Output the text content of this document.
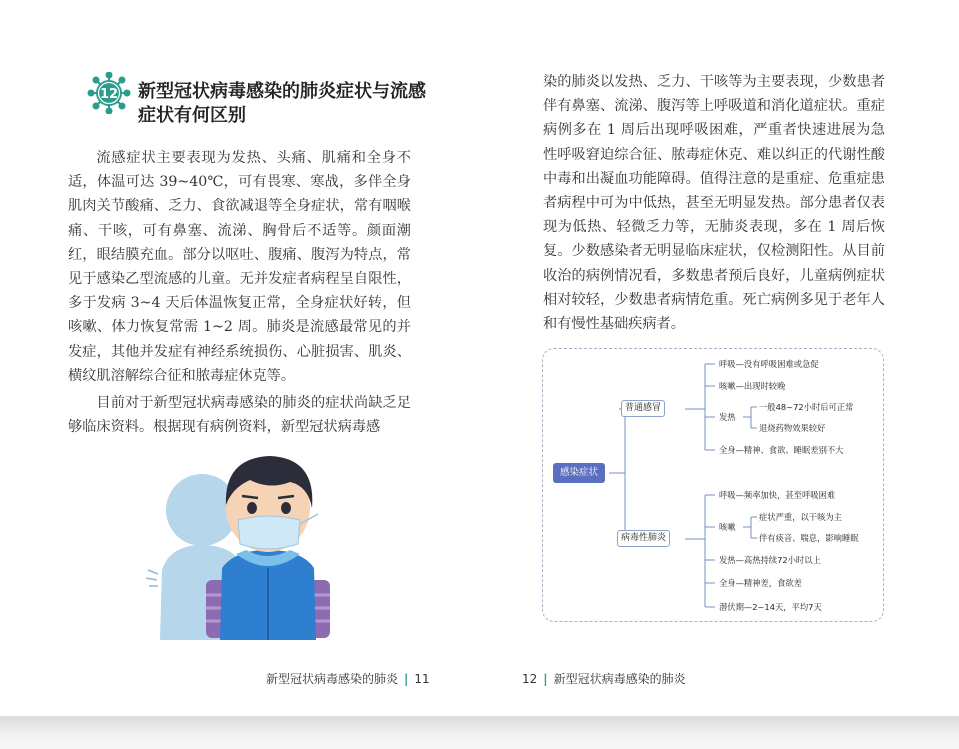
12 新型冠状病毒感染的肺炎症状与流感
症状有何区别

流感症状主要表现为发热、头痛、肌痛和全身不适，体温可达 39~40℃，可有畏寒、寒战，多伴全身肌肉关节酸痛、乏力、食欲减退等全身症状，常有咽喉痛、干咳，可有鼻塞、流涕、胸骨后不适等。颜面潮红，眼结膜充血。部分以呕吐、腹痛、腹泻为特点，常见于感染乙型流感的儿童。无并发症者病程呈自限性，多于发病 3~4 天后体温恢复正常，全身症状好转，但咳嗽、体力恢复常需 1~2 周。肺炎是流感最常见的并发症，其他并发症有神经系统损伤、心脏损害、肌炎、横纹肌溶解综合征和脓毒症休克等。

目前对于新型冠状病毒感染的肺炎的症状尚缺乏足够临床资料。根据现有病例资料，新型冠状病毒感

新型冠状病毒感染的肺炎 | 11

染的肺炎以发热、乏力、干咳等为主要表现，少数患者伴有鼻塞、流涕、腹泻等上呼吸道和消化道症状。重症病例多在 1 周后出现呼吸困难，严重者快速进展为急性呼吸窘迫综合征、脓毒症休克、难以纠正的代谢性酸中毒和出凝血功能障碍。值得注意的是重症、危重症患者病程中可为中低热，甚至无明显发热。部分患者仅表现为低热、轻微乏力等，无肺炎表现，多在 1 周后恢复。少数感染者无明显临床症状，仅检测阳性。从目前收治的病例情况看，多数患者预后良好，儿童病例症状相对较轻，少数患者病情危重。死亡病例多见于老年人和有慢性基础疾病者。

感染症状
普通感冒
呼吸—没有呼吸困难或急促
咳嗽—出现时较晚
发热
一般48~72小时后可正常
退烧药物效果较好
全身—精神、食欲、睡眠差别不大
病毒性肺炎
呼吸—频率加快，甚至呼吸困难
咳嗽
症状严重，以干咳为主
伴有痰音、喘息，影响睡眠
发热—高热持续72小时以上
全身—精神差，食欲差
潜伏期—2~14天，平均7天
12 | 新型冠状病毒感染的肺炎
